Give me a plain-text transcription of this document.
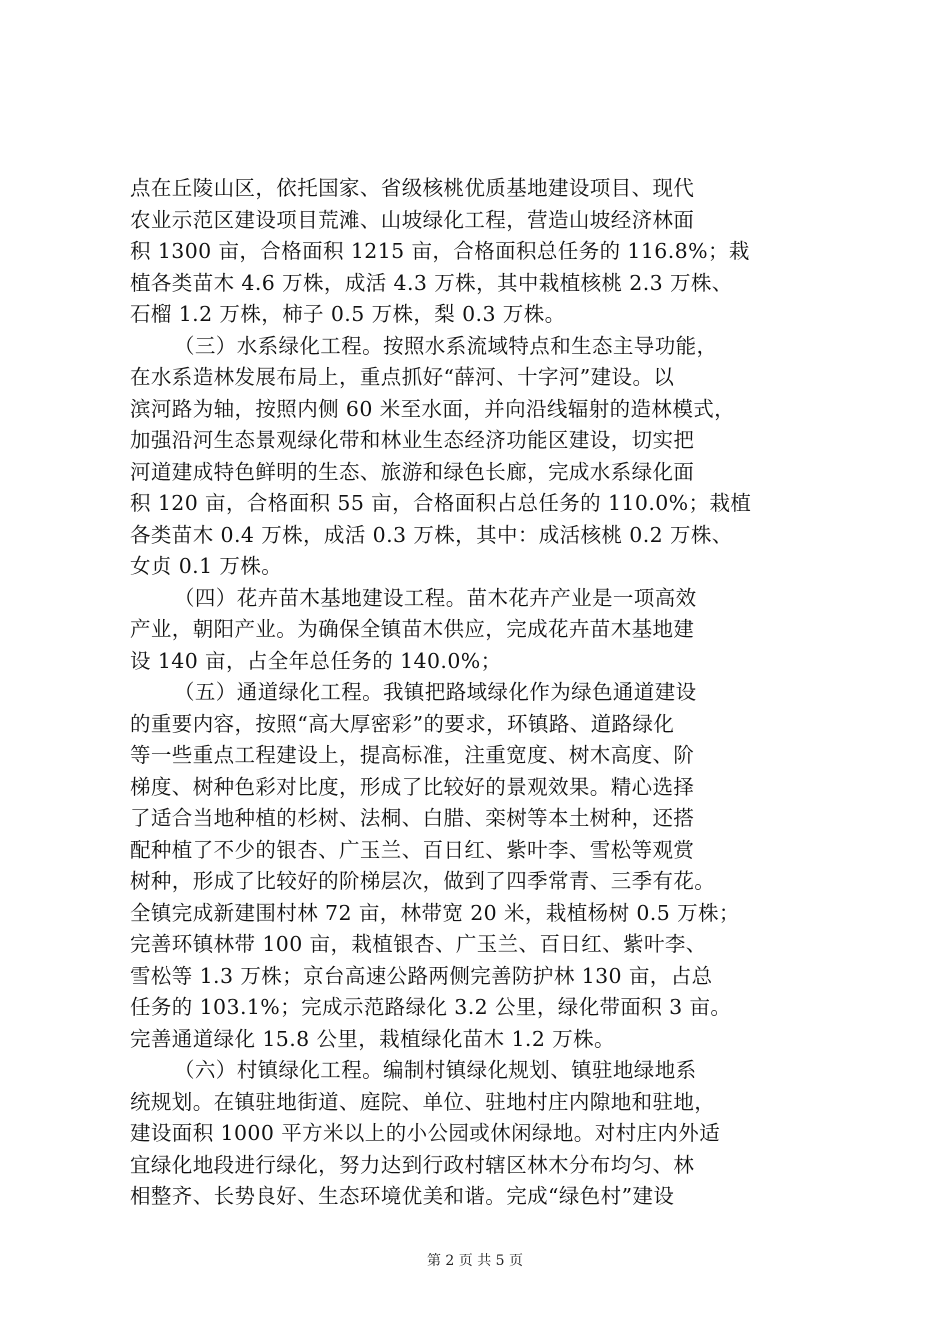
点在丘陵山区，依托国家、省级核桃优质基地建设项目、现代
农业示范区建设项目荒滩、山坡绿化工程，营造山坡经济林面
积 1300 亩，合格面积 1215 亩，合格面积总任务的 116.8%；栽
植各类苗木 4.6 万株，成活 4.3 万株，其中栽植核桃 2.3 万株、
石榴 1.2 万株，柿子 0.5 万株，梨 0.3 万株。
（三）水系绿化工程。按照水系流域特点和生态主导功能，
在水系造林发展布局上，重点抓好“薛河、十字河”建设。以
滨河路为轴，按照内侧 60 米至水面，并向沿线辐射的造林模式，
加强沿河生态景观绿化带和林业生态经济功能区建设，切实把
河道建成特色鲜明的生态、旅游和绿色长廊，完成水系绿化面
积 120 亩，合格面积 55 亩，合格面积占总任务的 110.0%；栽植
各类苗木 0.4 万株，成活 0.3 万株，其中：成活核桃 0.2 万株、
女贞 0.1 万株。
（四）花卉苗木基地建设工程。苗木花卉产业是一项高效
产业，朝阳产业。为确保全镇苗木供应，完成花卉苗木基地建
设 140 亩，占全年总任务的 140.0%；
（五）通道绿化工程。我镇把路域绿化作为绿色通道建设
的重要内容，按照“高大厚密彩”的要求，环镇路、道路绿化
等一些重点工程建设上，提高标准，注重宽度、树木高度、阶
梯度、树种色彩对比度，形成了比较好的景观效果。精心选择
了适合当地种植的杉树、法桐、白腊、栾树等本土树种，还搭
配种植了不少的银杏、广玉兰、百日红、紫叶李、雪松等观赏
树种，形成了比较好的阶梯层次，做到了四季常青、三季有花。
全镇完成新建围村林 72 亩，林带宽 20 米，栽植杨树 0.5 万株；
完善环镇林带 100 亩，栽植银杏、广玉兰、百日红、紫叶李、
雪松等 1.3 万株；京台高速公路两侧完善防护林 130 亩，占总
任务的 103.1%；完成示范路绿化 3.2 公里，绿化带面积 3 亩。
完善通道绿化 15.8 公里，栽植绿化苗木 1.2 万株。
（六）村镇绿化工程。编制村镇绿化规划、镇驻地绿地系
统规划。在镇驻地街道、庭院、单位、驻地村庄内隙地和驻地，
建设面积 1000 平方米以上的小公园或休闲绿地。对村庄内外适
宜绿化地段进行绿化，努力达到行政村辖区林木分布均匀、林
相整齐、长势良好、生态环境优美和谐。完成“绿色村”建设
第 2 页 共 5 页
